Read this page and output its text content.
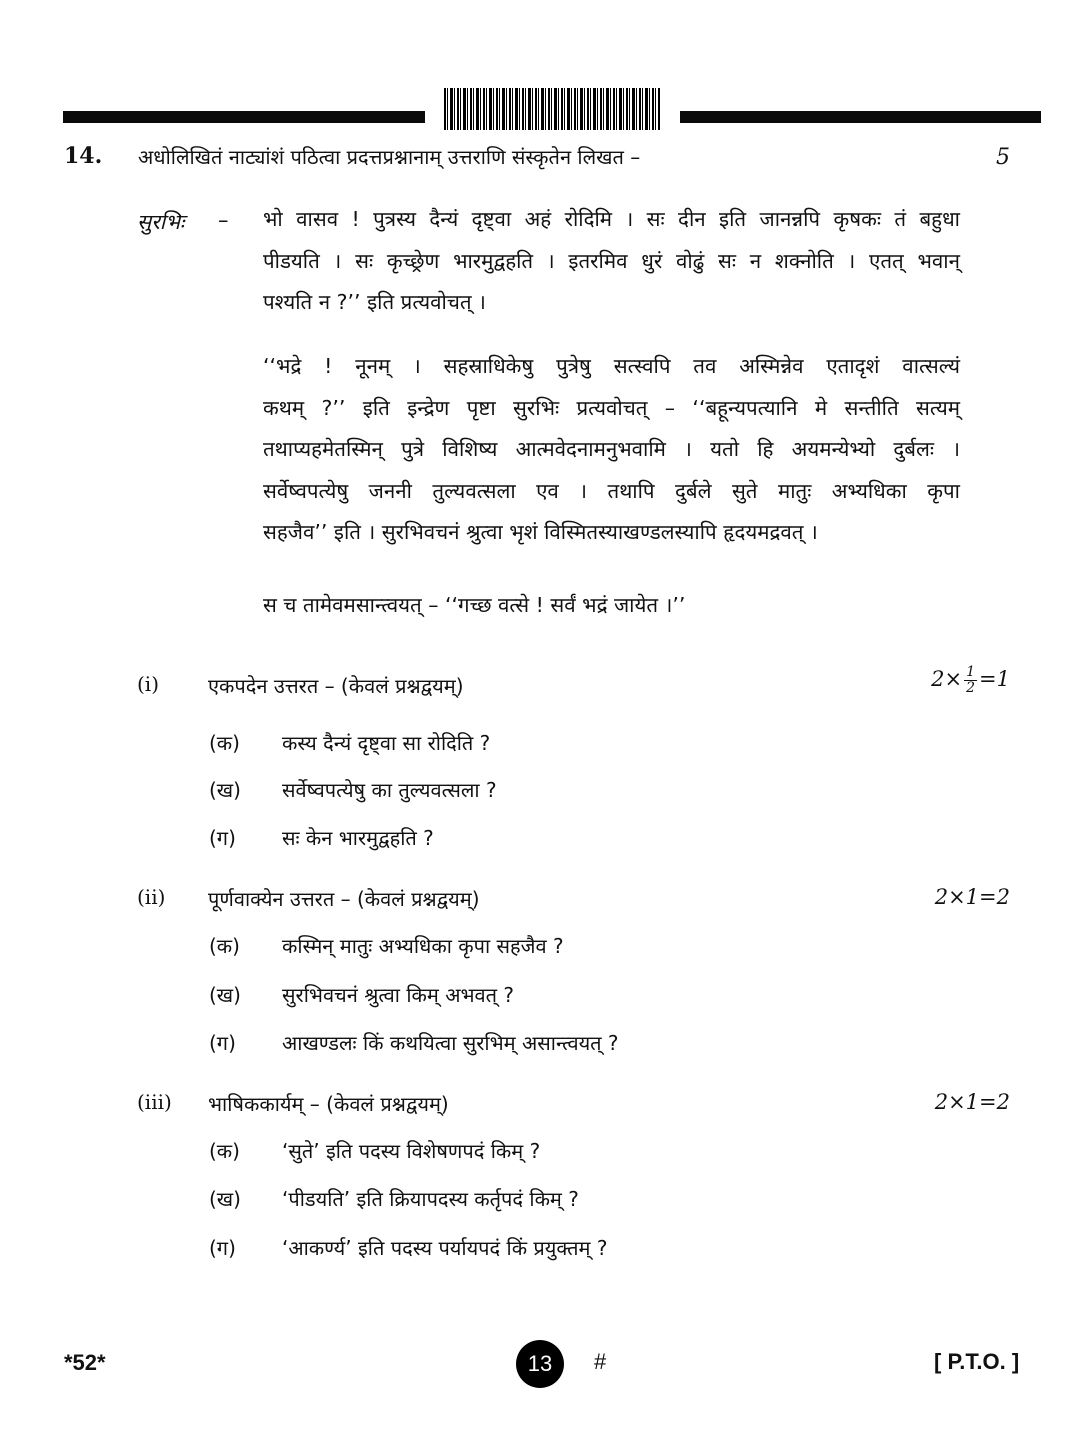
14. अधोलिखितं नाट्यांशं पठित्वा प्रदत्तप्रश्नानाम् उत्तराणि संस्कृतेन लिखत –	5
सुरभिः – भो वासव ! पुत्रस्य दैन्यं दृष्ट्वा अहं रोदिमि । सः दीन इति जानन्नपि कृषकः तं बहुधा
पीडयति । सः कृच्छ्रेण भारमुद्वहति । इतरमिव धुरं वोढुं सः न शक्नोति । एतत् भवान्
पश्यति न ?’’ इति प्रत्यवोचत् ।
‘‘भद्रे ! नूनम् । सहस्राधिकेषु पुत्रेषु सत्स्वपि तव अस्मिन्नेव एतादृशं वात्सल्यं
कथम् ?’’ इति इन्द्रेण पृष्टा सुरभिः प्रत्यवोचत् – ‘‘बहून्यपत्यानि मे सन्तीति सत्यम्
तथाप्यहमेतस्मिन् पुत्रे विशिष्य आत्मवेदनामनुभवामि । यतो हि अयमन्येभ्यो दुर्बलः ।
सर्वेष्वपत्येषु जननी तुल्यवत्सला एव । तथापि दुर्बले सुते मातुः अभ्यधिका कृपा
सहजैव’’ इति । सुरभिवचनं श्रुत्वा भृशं विस्मितस्याखण्डलस्यापि हृदयमद्रवत् ।
स च तामेवमसान्त्वयत् – ‘‘गच्छ वत्से ! सर्वं भद्रं जायेत ।’’
(i) एकपदेन उत्तरत – (केवलं प्रश्नद्वयम्)	$2\times \frac{1}{2} =1$
(क) कस्य दैन्यं दृष्ट्वा सा रोदिति ?
(ख) सर्वेष्वपत्येषु का तुल्यवत्सला ?
(ग) सः केन भारमुद्वहति ?
(ii) पूर्णवाक्येन उत्तरत – (केवलं प्रश्नद्वयम्)	2×1=2
(क) कस्मिन् मातुः अभ्यधिका कृपा सहजैव ?
(ख) सुरभिवचनं श्रुत्वा किम् अभवत् ?
(ग) आखण्डलः किं कथयित्वा सुरभिम् असान्त्वयत् ?
(iii) भाषिककार्यम् – (केवलं प्रश्नद्वयम्)	2×1=2
(क) ‘सुते’ इति पदस्य विशेषणपदं किम् ?
(ख) ‘पीडयति’ इति क्रियापदस्य कर्तृपदं किम् ?
(ग) ‘आकर्ण्य’ इति पदस्य पर्यायपदं किं प्रयुक्तम् ?
*52*	13 #	[ P.T.O. ]
